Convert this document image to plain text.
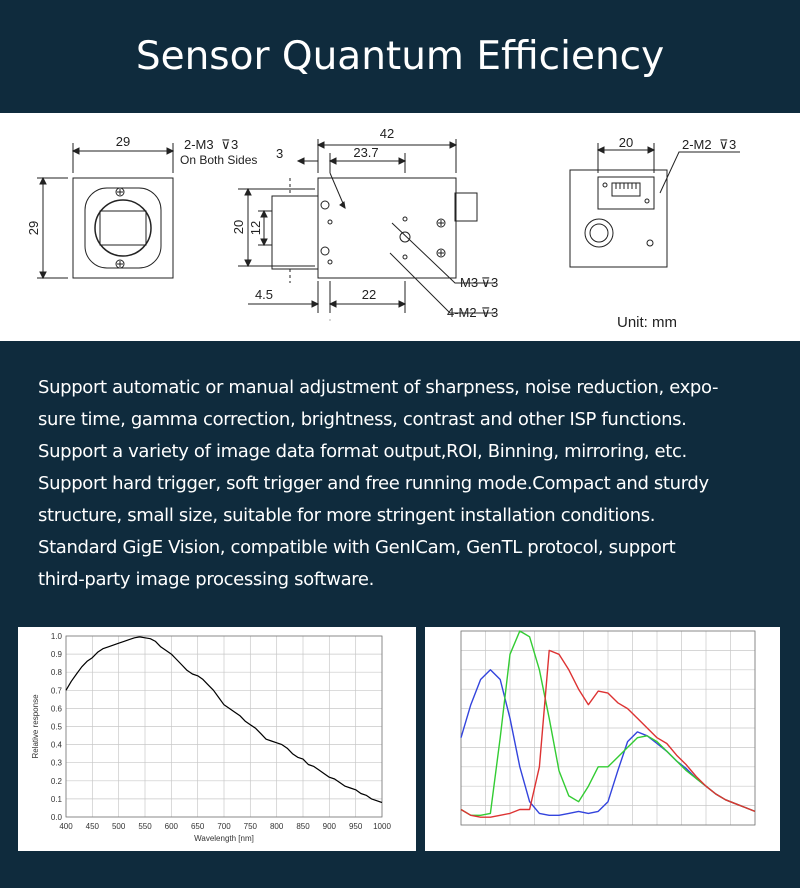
Sensor Quantum Efficiency
29
29
2-M3 ⊽ 3
On Both Sides 3
42
23.7
20 12
4.5	22
M3 ⊽ 3
4-M2 ⊽ 3
20	2-M2 ⊽ 3
Unit: mm
Support automatic or manual adjustment of sharpness, noise reduction, expo-
sure time, gamma correction, brightness, contrast and other ISP functions.
Support a variety of image data format output,ROI, Binning, mirroring, etc.
Support hard trigger, soft trigger and free running mode.Compact and sturdy
structure, small size, suitable for more stringent installation conditions.
Standard GigE Vision, compatible with GenICam, GenTL protocol, support
third-party image processing software.
0.0
0.1
0.2
0.3
0.4
0.5
0.6
0.7
0.8
0.9
1.0
400 450 500 550 600 650 700 750 800 850 900 950 1000
Wavelength [nm]
Relative response
